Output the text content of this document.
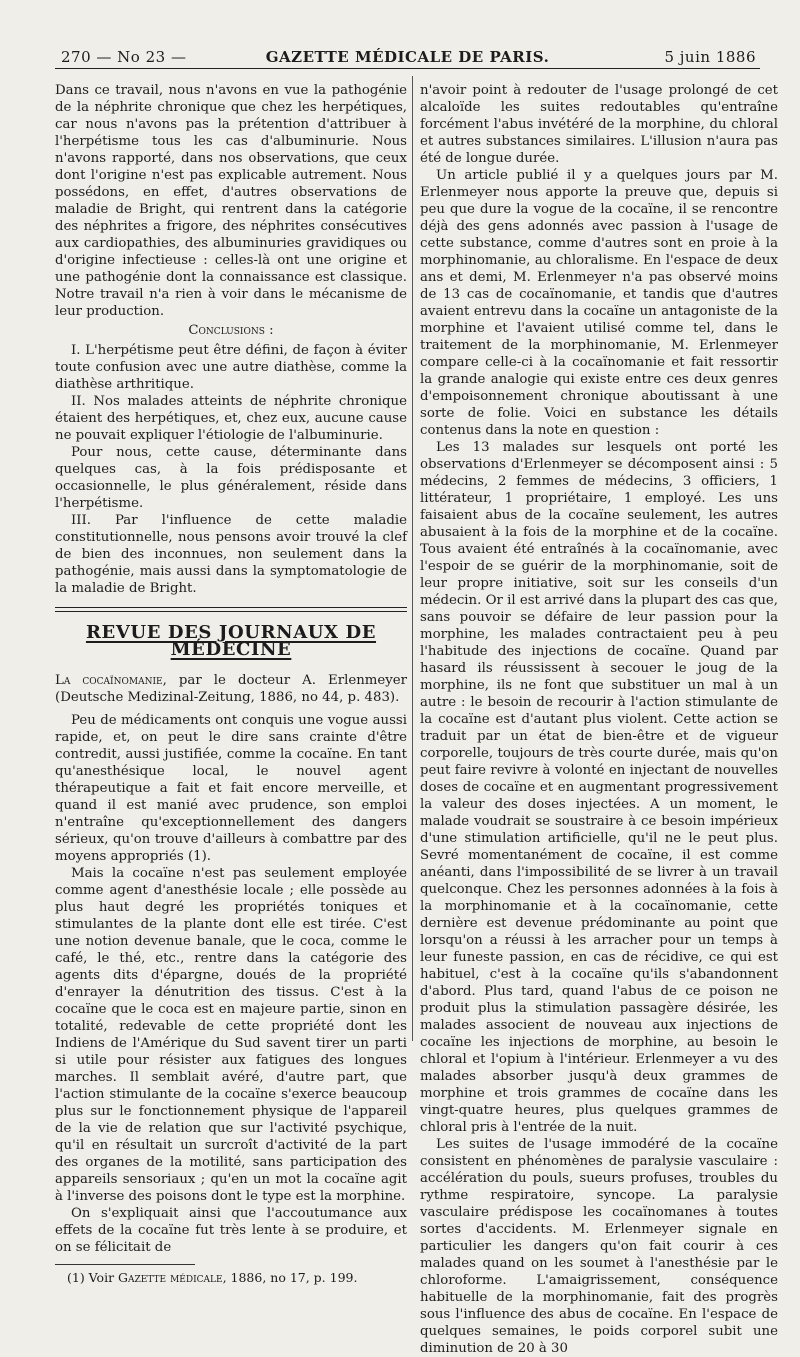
270 — No 23 —	GAZETTE MÉDICALE DE PARIS.	5 juin 1886

Dans ce travail, nous n'avons en vue la pathogénie de la néphrite chronique que chez les herpétiques, car nous n'avons pas la prétention d'attribuer à l'herpétisme tous les cas d'albuminurie. Nous n'avons rapporté, dans nos observations, que ceux dont l'origine n'est pas explicable autrement. Nous possédons, en effet, d'autres observations de maladie de Bright, qui rentrent dans la catégorie des néphrites a frigore, des néphrites consécutives aux cardiopathies, des albuminuries gravidiques ou d'origine infectieuse : celles-là ont une origine et une pathogénie dont la connaissance est classique. Notre travail n'a rien à voir dans le mécanisme de leur production.

Conclusions :

I. L'herpétisme peut être défini, de façon à éviter toute confusion avec une autre diathèse, comme la diathèse arthritique.

II. Nos malades atteints de néphrite chronique étaient des herpétiques, et, chez eux, aucune cause ne pouvait expliquer l'étiologie de l'albuminurie.

Pour nous, cette cause, déterminante dans quelques cas, à la fois prédisposante et occasionnelle, le plus généralement, réside dans l'herpétisme.

III. Par l'influence de cette maladie constitutionnelle, nous pensons avoir trouvé la clef de bien des inconnues, non seulement dans la pathogénie, mais aussi dans la symptomatologie de la maladie de Bright.

REVUE DES JOURNAUX DE MÉDECINE

La cocaïnomanie, par le docteur A. Erlenmeyer (Deutsche Medizinal-Zeitung, 1886, no 44, p. 483).

Peu de médicaments ont conquis une vogue aussi rapide, et, on peut le dire sans crainte d'être contredit, aussi justifiée, comme la cocaïne. En tant qu'anesthésique local, le nouvel agent thérapeutique a fait et fait encore merveille, et quand il est manié avec prudence, son emploi n'entraîne qu'exceptionnellement des dangers sérieux, qu'on trouve d'ailleurs à combattre par des moyens appropriés (1).

Mais la cocaïne n'est pas seulement employée comme agent d'anesthésie locale ; elle possède au plus haut degré les propriétés toniques et stimulantes de la plante dont elle est tirée. C'est une notion devenue banale, que le coca, comme le café, le thé, etc., rentre dans la catégorie des agents dits d'épargne, doués de la propriété d'enrayer la dénutrition des tissus. C'est à la cocaïne que le coca est en majeure partie, sinon en totalité, redevable de cette propriété dont les Indiens de l'Amérique du Sud savent tirer un parti si utile pour résister aux fatigues des longues marches. Il semblait avéré, d'autre part, que l'action stimulante de la cocaïne s'exerce beaucoup plus sur le fonctionnement physique de l'appareil de la vie de relation que sur l'activité psychique, qu'il en résultait un surcroît d'activité de la part des organes de la motilité, sans participation des appareils sensoriaux ; qu'en un mot la cocaïne agit à l'inverse des poisons dont le type est la morphine.

On s'expliquait ainsi que l'accoutumance aux effets de la cocaïne fut très lente à se produire, et on se félicitait de

(1) Voir Gazette médicale, 1886, no 17, p. 199.

n'avoir point à redouter de l'usage prolongé de cet alcaloïde les suites redoutables qu'entraîne forcément l'abus invétéré de la morphine, du chloral et autres substances similaires. L'illusion n'aura pas été de longue durée.

Un article publié il y a quelques jours par M. Erlenmeyer nous apporte la preuve que, depuis si peu que dure la vogue de la cocaïne, il se rencontre déjà des gens adonnés avec passion à l'usage de cette substance, comme d'autres sont en proie à la morphinomanie, au chloralisme. En l'espace de deux ans et demi, M. Erlenmeyer n'a pas observé moins de 13 cas de cocaïnomanie, et tandis que d'autres avaient entrevu dans la cocaïne un antagoniste de la morphine et l'avaient utilisé comme tel, dans le traitement de la morphinomanie, M. Erlenmeyer compare celle-ci à la cocaïnomanie et fait ressortir la grande analogie qui existe entre ces deux genres d'empoisonnement chronique aboutissant à une sorte de folie. Voici en substance les détails contenus dans la note en question :

Les 13 malades sur lesquels ont porté les observations d'Erlenmeyer se décomposent ainsi : 5 médecins, 2 femmes de médecins, 3 officiers, 1 littérateur, 1 propriétaire, 1 employé. Les uns faisaient abus de la cocaïne seulement, les autres abusaient à la fois de la morphine et de la cocaïne. Tous avaient été entraînés à la cocaïnomanie, avec l'espoir de se guérir de la morphinomanie, soit de leur propre initiative, soit sur les conseils d'un médecin. Or il est arrivé dans la plupart des cas que, sans pouvoir se défaire de leur passion pour la morphine, les malades contractaient peu à peu l'habitude des injections de cocaïne. Quand par hasard ils réussissent à secouer le joug de la morphine, ils ne font que substituer un mal à un autre : le besoin de recourir à l'action stimulante de la cocaïne est d'autant plus violent. Cette action se traduit par un état de bien-être et de vigueur corporelle, toujours de très courte durée, mais qu'on peut faire revivre à volonté en injectant de nouvelles doses de cocaïne et en augmentant progressivement la valeur des doses injectées. A un moment, le malade voudrait se soustraire à ce besoin impérieux d'une stimulation artificielle, qu'il ne le peut plus. Sevré momentanément de cocaïne, il est comme anéanti, dans l'impossibilité de se livrer à un travail quelconque. Chez les personnes adonnées à la fois à la morphinomanie et à la cocaïnomanie, cette dernière est devenue prédominante au point que lorsqu'on a réussi à les arracher pour un temps à leur funeste passion, en cas de récidive, ce qui est habituel, c'est à la cocaïne qu'ils s'abandonnent d'abord. Plus tard, quand l'abus de ce poison ne produit plus la stimulation passagère désirée, les malades associent de nouveau aux injections de cocaïne les injections de morphine, au besoin le chloral et l'opium à l'intérieur. Erlenmeyer a vu des malades absorber jusqu'à deux grammes de morphine et trois grammes de cocaïne dans les vingt-quatre heures, plus quelques grammes de chloral pris à l'entrée de la nuit.

Les suites de l'usage immodéré de la cocaïne consistent en phénomènes de paralysie vasculaire : accélération du pouls, sueurs profuses, troubles du rythme respiratoire, syncope. La paralysie vasculaire prédispose les cocaïnomanes à toutes sortes d'accidents. M. Erlenmeyer signale en particulier les dangers qu'on fait courir à ces malades quand on les soumet à l'anesthésie par le chloroforme. L'amaigrissement, conséquence habituelle de la morphinomanie, fait des progrès sous l'influence des abus de cocaïne. En l'espace de quelques semaines, le poids corporel subit une diminution de 20 à 30
